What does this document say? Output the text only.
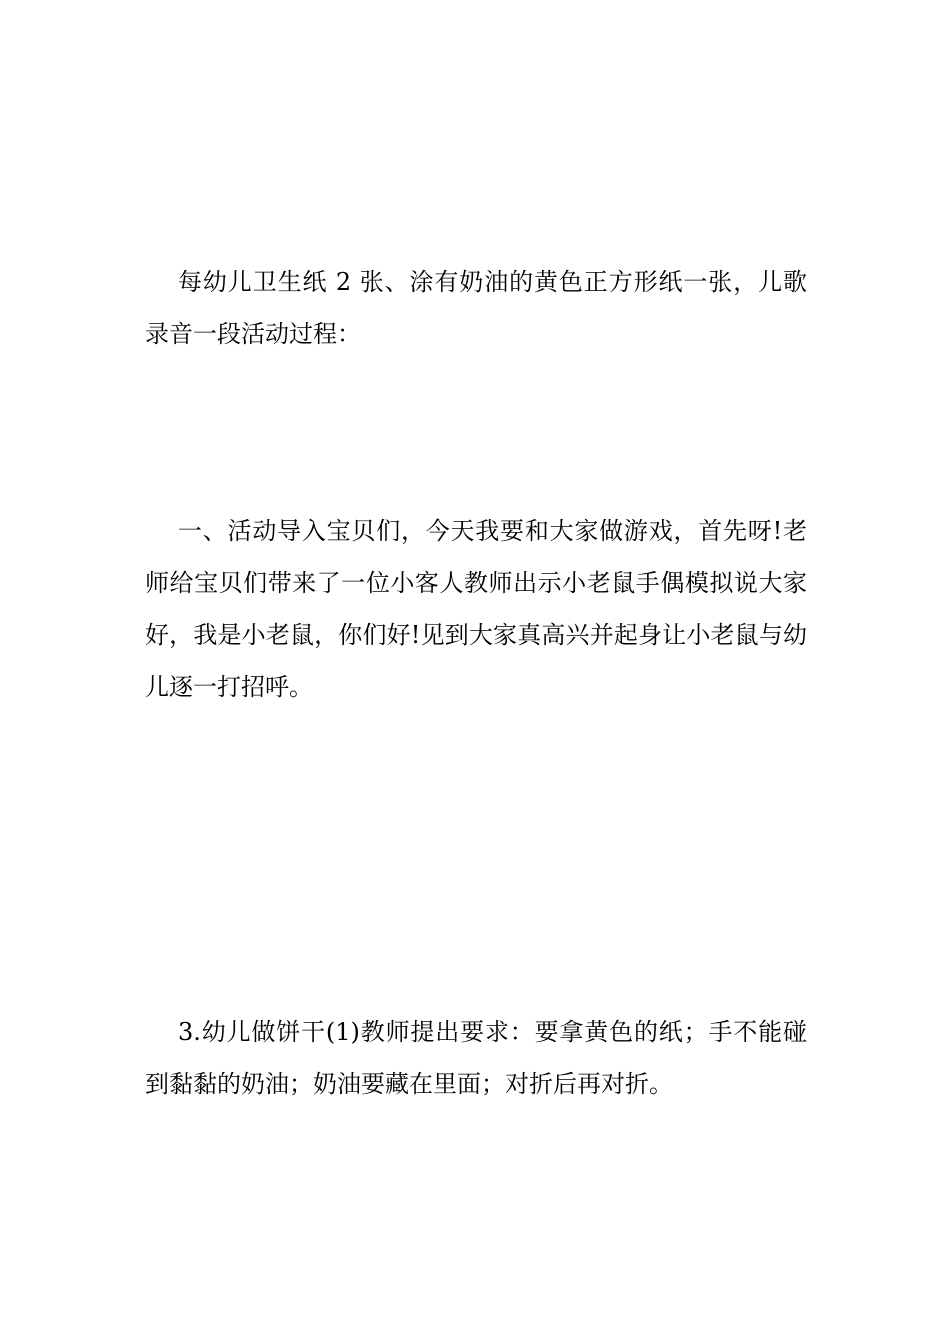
每幼儿卫生纸 2 张、涂有奶油的黄色正方形纸一张，儿歌录音一段活动过程：

一、活动导入宝贝们，今天我要和大家做游戏，首先呀!老师给宝贝们带来了一位小客人教师出示小老鼠手偶模拟说大家好，我是小老鼠，你们好!见到大家真高兴并起身让小老鼠与幼儿逐一打招呼。

3.幼儿做饼干(1)教师提出要求：要拿黄色的纸；手不能碰到黏黏的奶油；奶油要藏在里面；对折后再对折。
